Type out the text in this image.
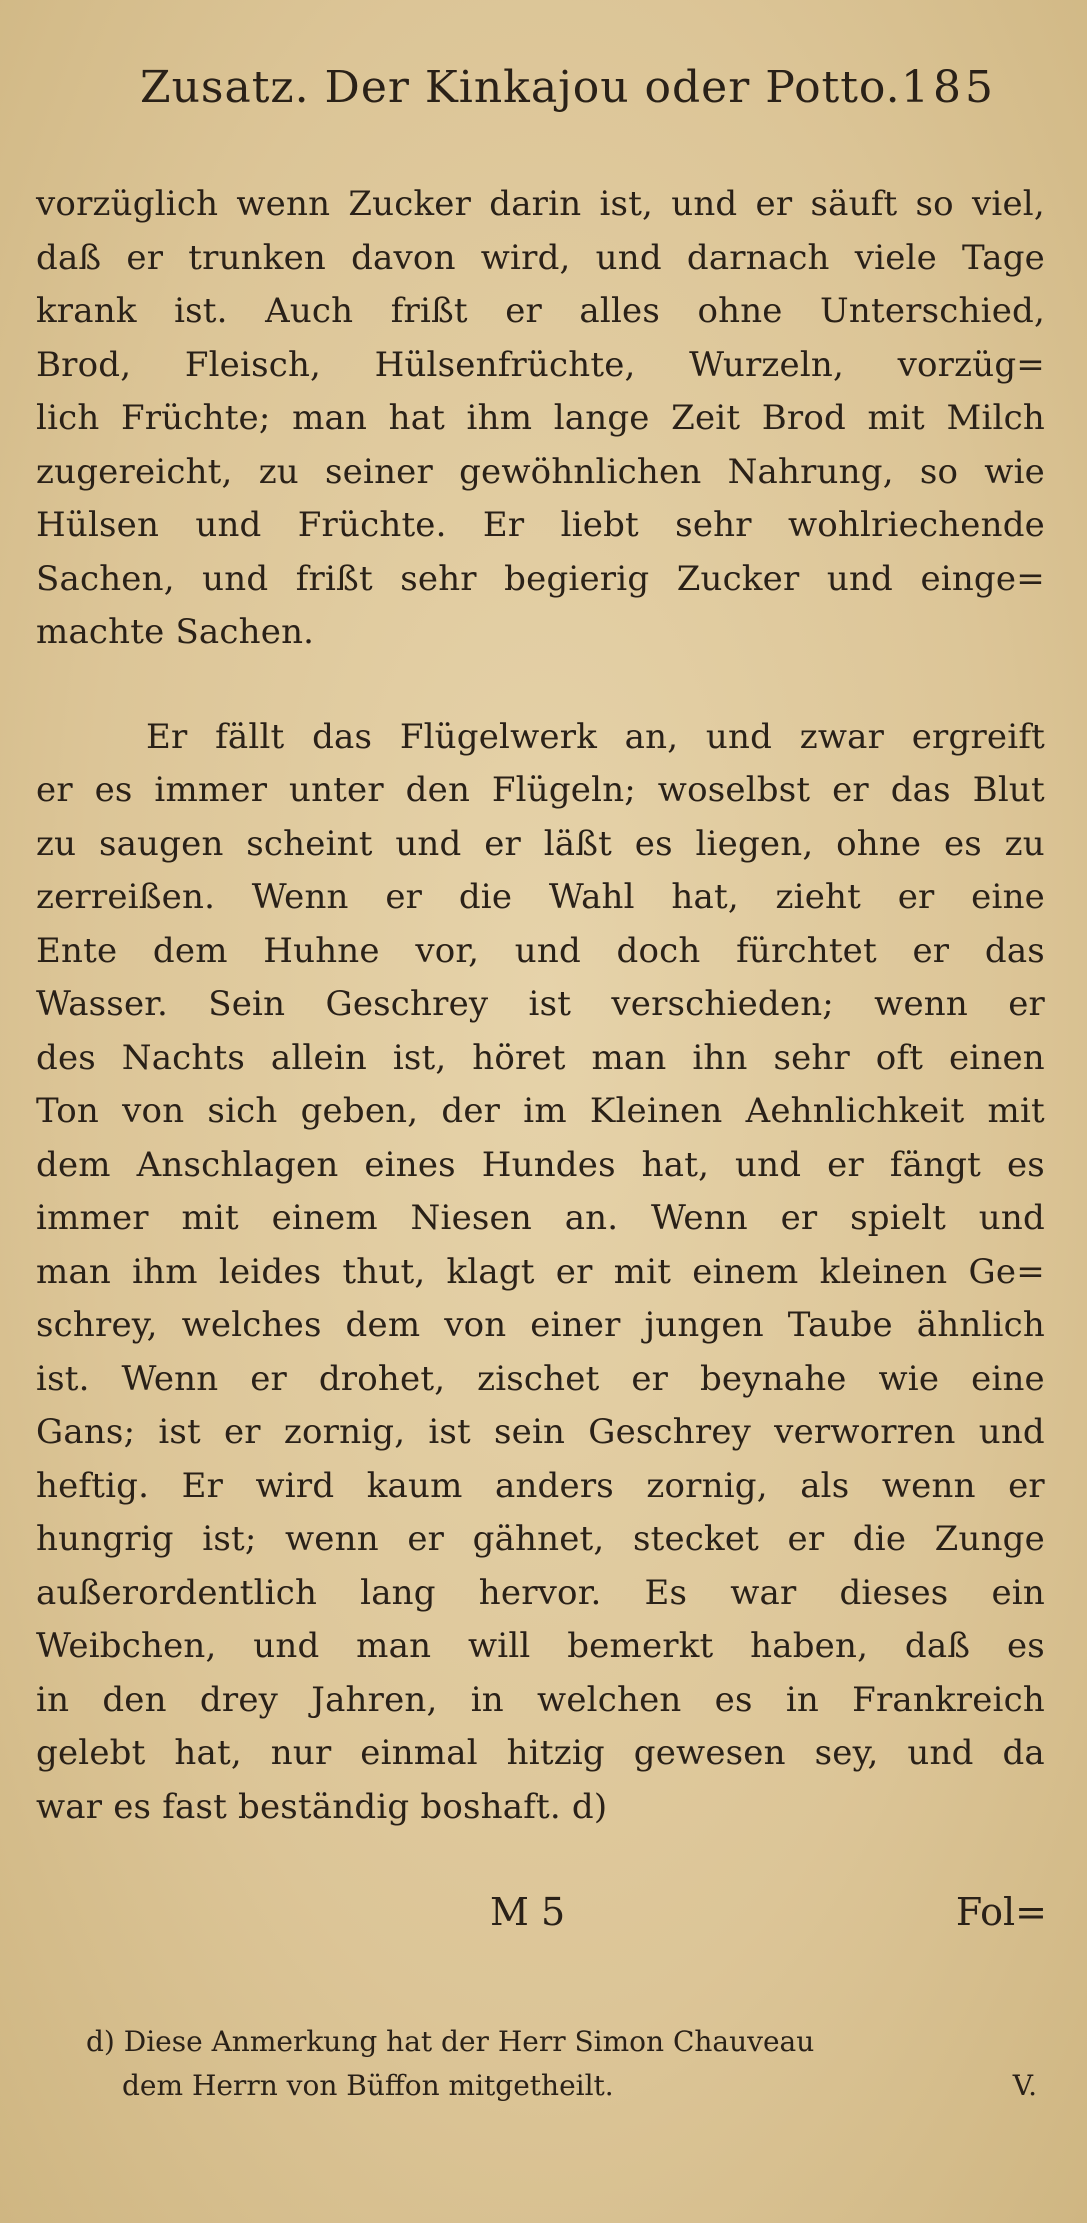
Zusatz. Der Kinkajou oder Potto. 185
vorzüglich wenn Zucker darin ist, und er säuft so viel,
daß er trunken davon wird, und darnach viele Tage
krank ist. Auch frißt er alles ohne Unterschied,
Brod, Fleisch, Hülsenfrüchte, Wurzeln, vorzüg=
lich Früchte; man hat ihm lange Zeit Brod mit Milch
zugereicht, zu seiner gewöhnlichen Nahrung, so wie
Hülsen und Früchte. Er liebt sehr wohlriechende
Sachen, und frißt sehr begierig Zucker und einge=
machte Sachen.
Er fällt das Flügelwerk an, und zwar ergreift
er es immer unter den Flügeln; woselbst er das Blut
zu saugen scheint und er läßt es liegen, ohne es zu
zerreißen. Wenn er die Wahl hat, zieht er eine
Ente dem Huhne vor, und doch fürchtet er das
Wasser. Sein Geschrey ist verschieden; wenn er
des Nachts allein ist, höret man ihn sehr oft einen
Ton von sich geben, der im Kleinen Aehnlichkeit mit
dem Anschlagen eines Hundes hat, und er fängt es
immer mit einem Niesen an. Wenn er spielt und
man ihm leides thut, klagt er mit einem kleinen Ge=
schrey, welches dem von einer jungen Taube ähnlich
ist. Wenn er drohet, zischet er beynahe wie eine
Gans; ist er zornig, ist sein Geschrey verworren und
heftig. Er wird kaum anders zornig, als wenn er
hungrig ist; wenn er gähnet, stecket er die Zunge
außerordentlich lang hervor. Es war dieses ein
Weibchen, und man will bemerkt haben, daß es
in den drey Jahren, in welchen es in Frankreich
gelebt hat, nur einmal hitzig gewesen sey, und da
war es fast beständig boshaft. d)
M 5	Fol=
d) Diese Anmerkung hat der Herr Simon Chauveau
dem Herrn von Büffon mitgetheilt.	V.
